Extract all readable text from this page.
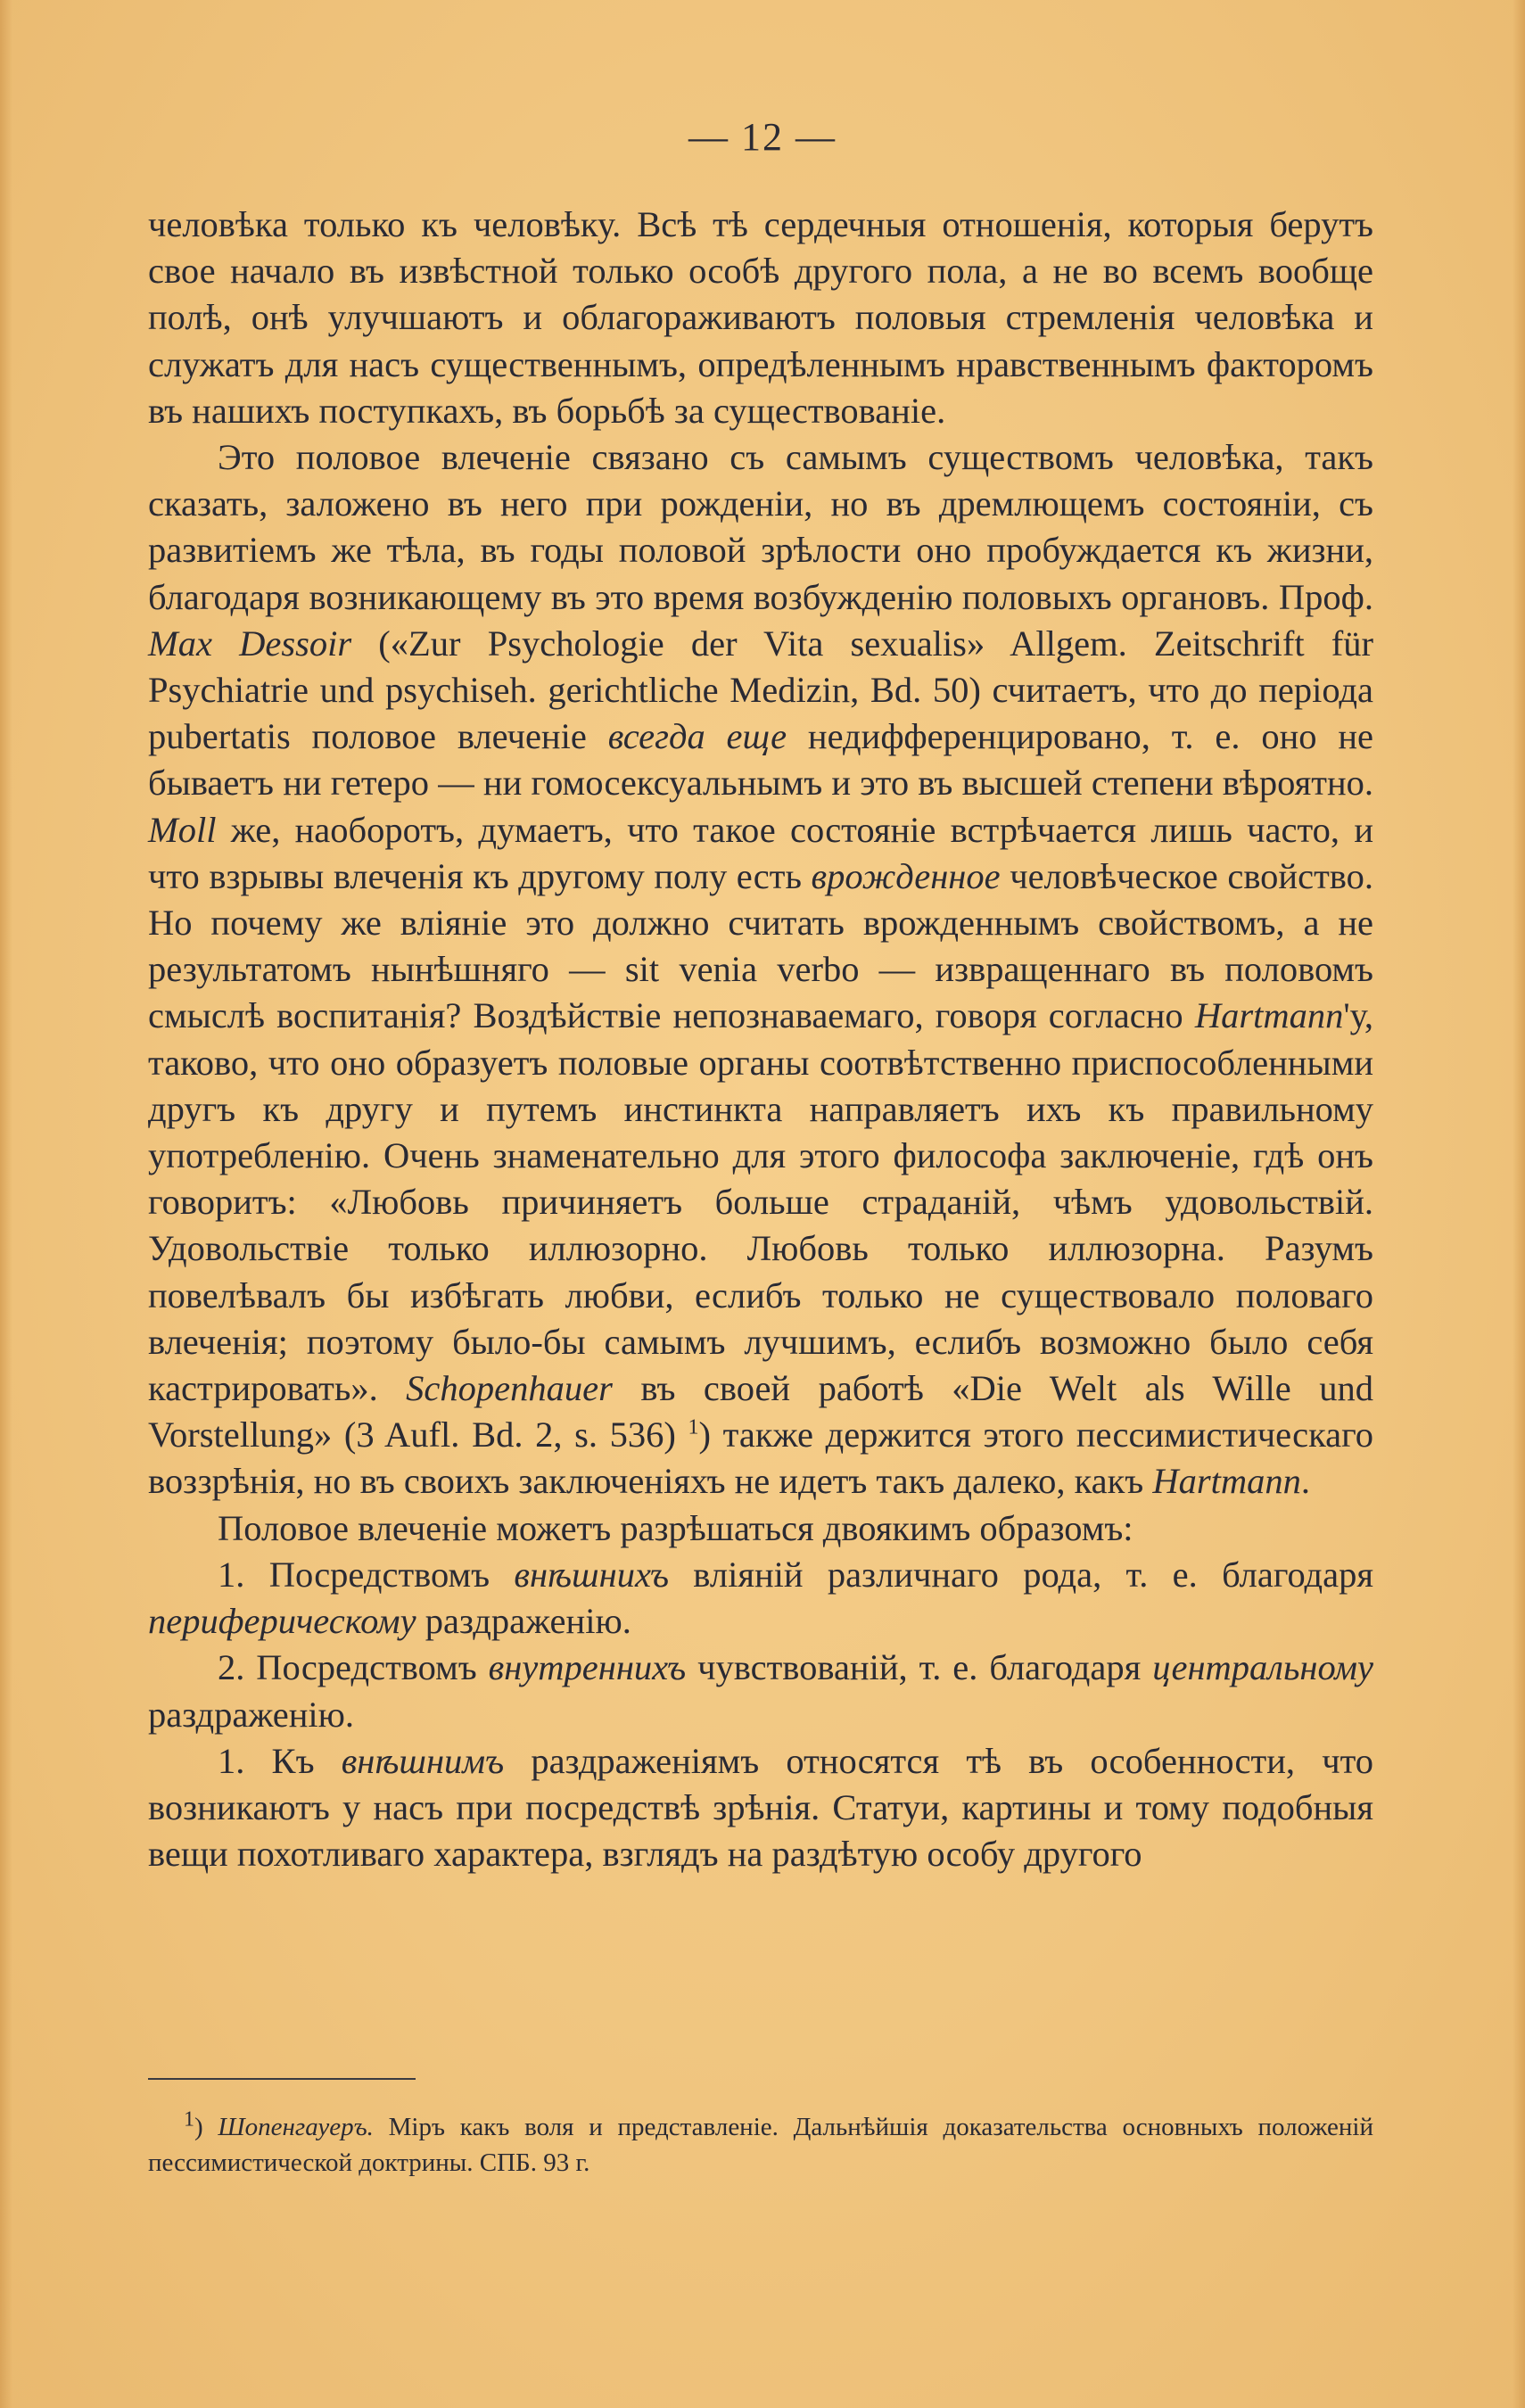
— 12 —

человѣка только къ человѣку. Всѣ тѣ сердечныя отношенія, которыя берутъ свое начало въ извѣстной только особѣ другого пола, а не во всемъ вообще полѣ, онѣ улучшаютъ и облагораживаютъ половыя стремленія человѣка и служатъ для насъ существеннымъ, опредѣленнымъ нравственнымъ факторомъ въ нашихъ поступкахъ, въ борьбѣ за существованіе.

Это половое влеченіе связано съ самымъ существомъ человѣка, такъ сказать, заложено въ него при рожденіи, но въ дремлющемъ состояніи, съ развитіемъ же тѣла, въ годы половой зрѣлости оно пробуждается къ жизни, благодаря возникающему въ это время возбужденію половыхъ органовъ. Проф. Max Dessoir («Zur Psychologie der Vita sexualis» Allgem. Zeitschrift für Psychiatrie und psychiseh. gerichtliche Medizin, Bd. 50) считаетъ, что до періода pubertatis половое влеченіе всегда еще недифференцировано, т. е. оно не бываетъ ни гетеро — ни гомосексуальнымъ и это въ высшей степени вѣроятно. Moll же, наоборотъ, думаетъ, что такое состояніе встрѣчается лишь часто, и что взрывы влеченія къ другому полу есть врожденное человѣческое свойство. Но почему же вліяніе это должно считать врожденнымъ свойствомъ, а не результатомъ нынѣшняго — sit venia verbo — извращеннаго въ половомъ смыслѣ воспитанія? Воздѣйствіе непознаваемаго, говоря согласно Hartmann'у, таково, что оно образуетъ половые органы соотвѣтственно приспособленными другъ къ другу и путемъ инстинкта направляетъ ихъ къ правильному употребленію. Очень знаменательно для этого философа заключеніе, гдѣ онъ говоритъ: «Любовь причиняетъ больше страданій, чѣмъ удовольствій. Удовольствіе только иллюзорно. Любовь только иллюзорна. Разумъ повелѣвалъ бы избѣгать любви, еслибъ только не существовало половаго влеченія; поэтому было-бы самымъ лучшимъ, еслибъ возможно было себя кастрировать». Schopenhauer въ своей работѣ «Die Welt als Wille und Vorstellung» (3 Aufl. Bd. 2, s. 536) $^1$) также держится этого пессимистическаго воззрѣнія, но въ своихъ заключеніяхъ не идетъ такъ далеко, какъ Hartmann.

Половое влеченіе можетъ разрѣшаться двоякимъ образомъ:

1. Посредствомъ внѣшнихъ вліяній различнаго рода, т. е. благодаря периферическому раздраженію.

2. Посредствомъ внутреннихъ чувствованій, т. е. благодаря центральному раздраженію.

1. Къ внѣшнимъ раздраженіямъ относятся тѣ въ особенности, что возникаютъ у насъ при посредствѣ зрѣнія. Статуи, картины и тому подобныя вещи похотливаго характера, взглядъ на раздѣтую особу другого

$^1$) Шопенгауеръ. Міръ какъ воля и представленіе. Дальнѣйшія доказательства основныхъ положеній пессимистической доктрины. СПБ. 93 г.
